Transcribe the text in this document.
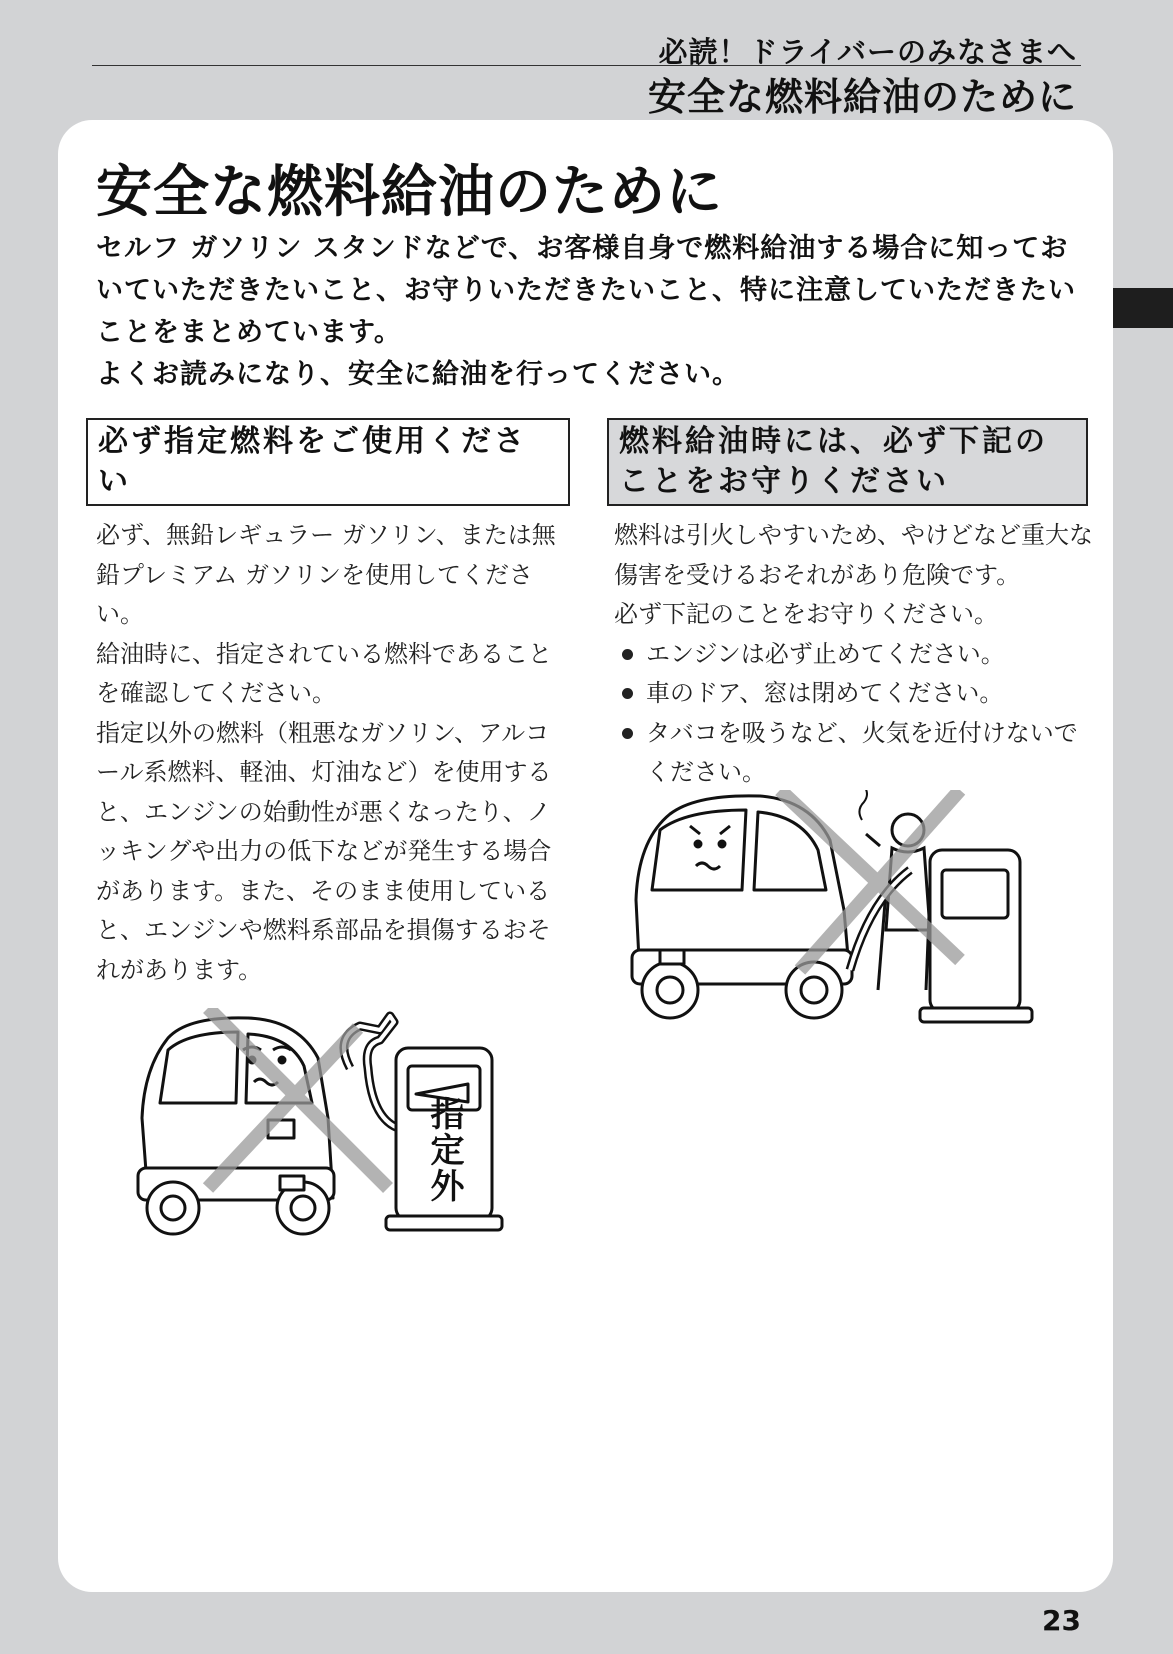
必読！ドライバーのみなさまへ
安全な燃料給油のために
安全な燃料給油のために

セルフ ガソリン スタンドなどで、お客様自身で燃料給油する場合に知っておいていただきたいこと、お守りいただきたいこと、特に注意していただきたいことをまとめています。

よくお読みになり、安全に給油を行ってください。

必ず指定燃料をご使用ください
燃料給油時には、必ず下記のことをお守りください

必ず、無鉛レギュラー ガソリン、または無鉛プレミアム ガソリンを使用してください。

給油時に、指定されている燃料であることを確認してください。

指定以外の燃料（粗悪なガソリン、アルコール系燃料、軽油、灯油など）を使用すると、エンジンの始動性が悪くなったり、ノッキングや出力の低下などが発生する場合があります。また、そのまま使用していると、エンジンや燃料系部品を損傷するおそれがあります。

燃料は引火しやすいため、やけどなど重大な傷害を受けるおそれがあり危険です。

必ず下記のことをお守りください。

エンジンは必ず止めてください。
車のドア、窓は閉めてください。
タバコを吸うなど、火気を近付けないでください。
指定外
23
